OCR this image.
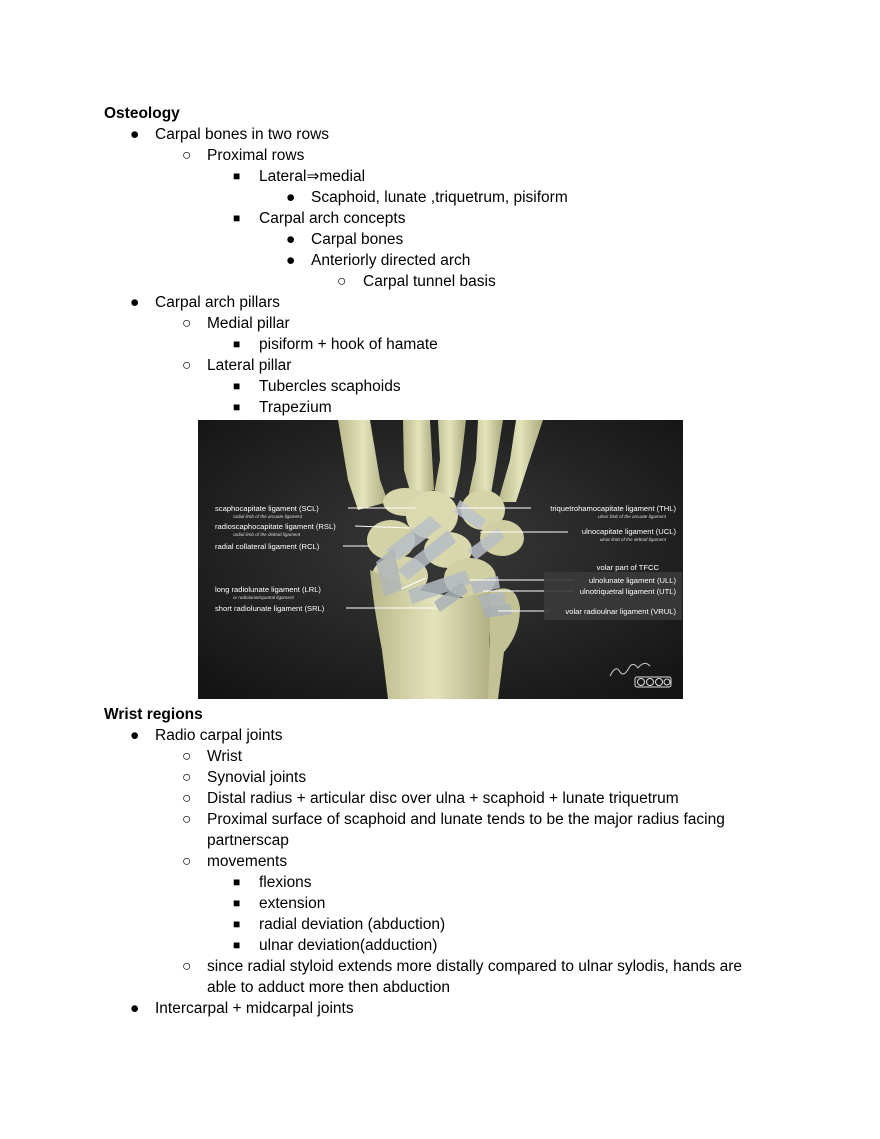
Osteology
● Carpal bones in two rows
○ Proximal rows
■ Lateral⇒medial
● Scaphoid, lunate ,triquetrum, pisiform
■ Carpal arch concepts
● Carpal bones
● Anteriorly directed arch
○ Carpal tunnel basis
● Carpal arch pillars
○ Medial pillar
■ pisiform + hook of hamate
○ Lateral pillar
■ Tubercles scaphoids
■ Trapezium
scaphocapitate ligament (SCL)
radial limb of the arcuate ligament
radioscaphocapitate ligament (RSL)
radial limb of the deltoid ligament
radial collateral ligament (RCL)
long radiolunate ligament (LRL)
or radiolunotriquetral ligament
short radiolunate ligament (SRL)
triquetrohamocapitate ligament (THL)
ulnar limb of the arcuate ligament
ulnocapitate ligament (UCL)
ulnar limb of the deltoid ligament
volar part of TFCC
ulnolunate ligament (ULL)
ulnotriquetral ligament (UTL)
volar radioulnar ligament (VRUL)
Wrist regions
● Radio carpal joints
○ Wrist
○ Synovial joints
○ Distal radius + articular disc over ulna + scaphoid + lunate triquetrum
○ Proximal surface of scaphoid and lunate tends to be the major radius facing
partnerscap
○ movements
■ flexions
■ extension
■ radial deviation (abduction)
■ ulnar deviation(adduction)
○ since radial styloid extends more distally compared to ulnar sylodis, hands are
able to adduct more then abduction
● Intercarpal + midcarpal joints
